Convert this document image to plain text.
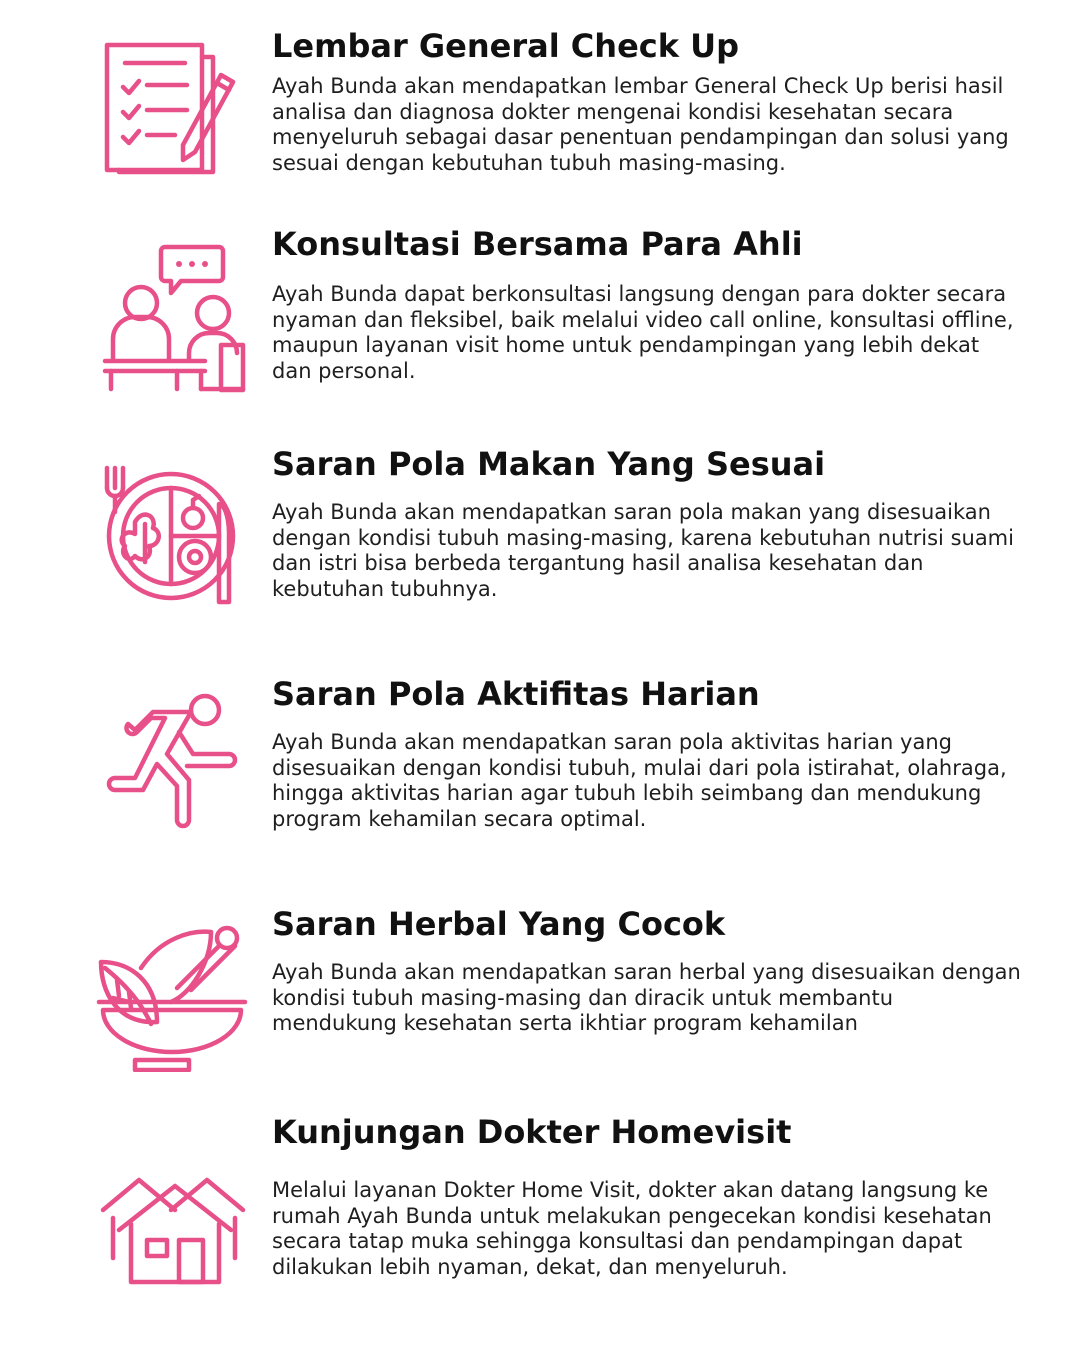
Lembar General Check Up

Ayah Bunda akan mendapatkan lembar General Check Up berisi hasil analisa dan diagnosa dokter mengenai kondisi kesehatan secara menyeluruh sebagai dasar penentuan pendampingan dan solusi yang sesuai dengan kebutuhan tubuh masing-masing.

Konsultasi Bersama Para Ahli

Ayah Bunda dapat berkonsultasi langsung dengan para dokter secara nyaman dan fleksibel, baik melalui video call online, konsultasi offline, maupun layanan visit home untuk pendampingan yang lebih dekat dan personal.

Saran Pola Makan Yang Sesuai

Ayah Bunda akan mendapatkan saran pola makan yang disesuaikan dengan kondisi tubuh masing-masing, karena kebutuhan nutrisi suami dan istri bisa berbeda tergantung hasil analisa kesehatan dan kebutuhan tubuhnya.

Saran Pola Aktifitas Harian

Ayah Bunda akan mendapatkan saran pola aktivitas harian yang disesuaikan dengan kondisi tubuh, mulai dari pola istirahat, olahraga, hingga aktivitas harian agar tubuh lebih seimbang dan mendukung program kehamilan secara optimal.

Saran Herbal Yang Cocok

Ayah Bunda akan mendapatkan saran herbal yang disesuaikan dengan kondisi tubuh masing-masing dan diracik untuk membantu mendukung kesehatan serta ikhtiar program kehamilan

Kunjungan Dokter Homevisit

Melalui layanan Dokter Home Visit, dokter akan datang langsung ke rumah Ayah Bunda untuk melakukan pengecekan kondisi kesehatan secara tatap muka sehingga konsultasi dan pendampingan dapat dilakukan lebih nyaman, dekat, dan menyeluruh.
